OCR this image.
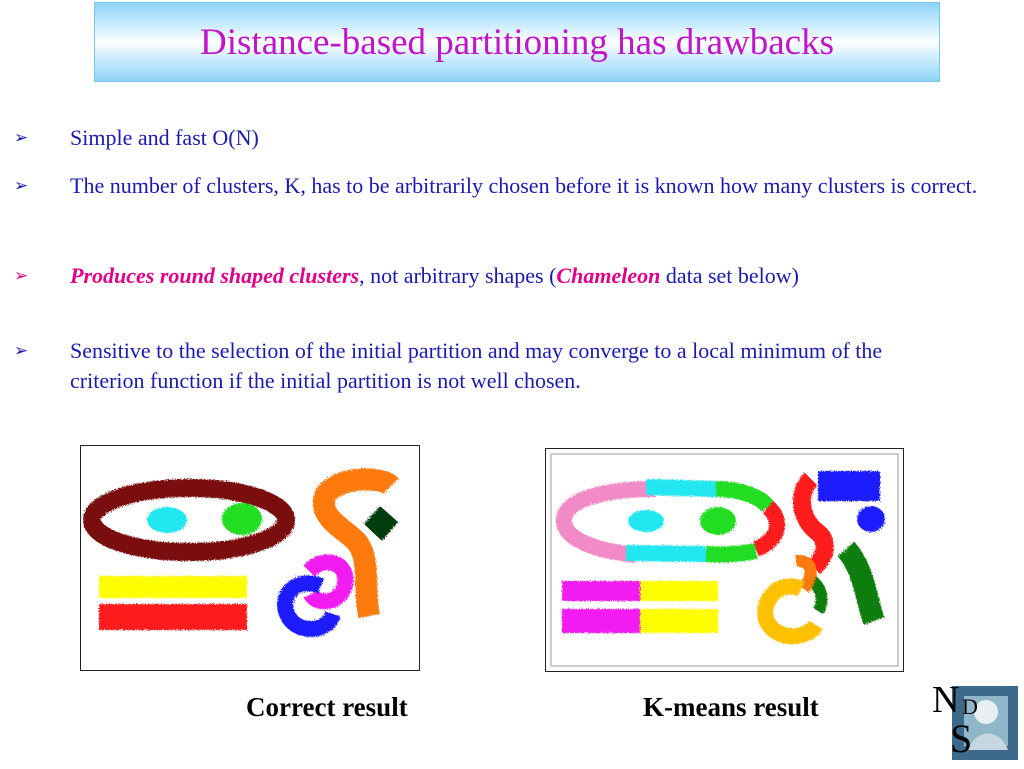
Distance-based partitioning has drawbacks
➢	Simple and fast O(N)
➢	The number of clusters, K, has to be arbitrarily chosen before it is known how many clusters is correct.
➢	Produces round shaped clusters, not arbitrary shapes (Chameleon data set below)
➢	Sensitive to the selection of the initial partition and may converge to a local minimum of the criterion function if the initial partition is not well chosen.
Correct result	K-means result	N D
S
